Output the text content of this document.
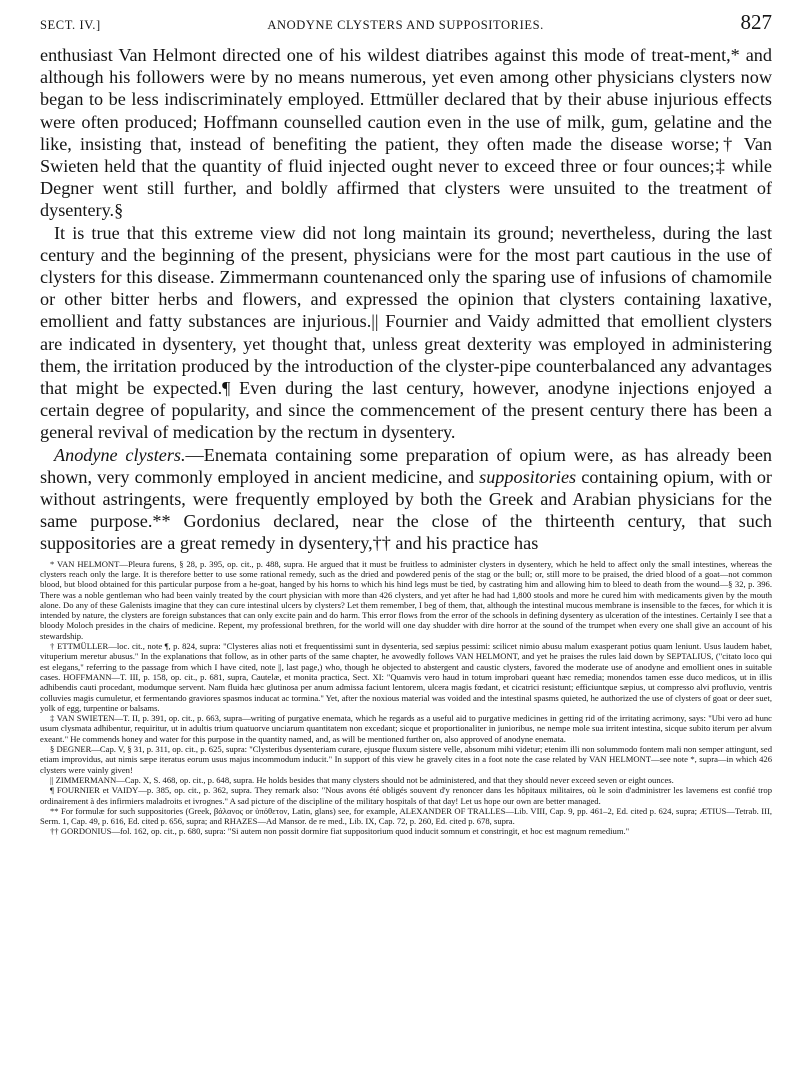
SECT. IV.]	ANODYNE CLYSTERS AND SUPPOSITORIES.	827

enthusiast Van Helmont directed one of his wildest diatribes against this mode of treat-ment,* and although his followers were by no means numerous, yet even among other physicians clysters now began to be less indiscriminately employed. Ettmüller declared that by their abuse injurious effects were often produced; Hoffmann counselled caution even in the use of milk, gum, gelatine and the like, insisting that, instead of benefiting the patient, they often made the disease worse;† Van Swieten held that the quantity of fluid injected ought never to exceed three or four ounces;‡ while Degner went still further, and boldly affirmed that clysters were unsuited to the treatment of dysentery.§

It is true that this extreme view did not long maintain its ground; nevertheless, during the last century and the beginning of the present, physicians were for the most part cautious in the use of clysters for this disease. Zimmermann countenanced only the sparing use of infusions of chamomile or other bitter herbs and flowers, and expressed the opinion that clysters containing laxative, emollient and fatty substances are injurious.|| Fournier and Vaidy admitted that emollient clysters are indicated in dysentery, yet thought that, unless great dexterity was employed in administering them, the irritation produced by the introduction of the clyster-pipe counterbalanced any advantages that might be expected.¶ Even during the last century, however, anodyne injections enjoyed a certain degree of popularity, and since the commencement of the present century there has been a general revival of medication by the rectum in dysentery.

Anodyne clysters.—Enemata containing some preparation of opium were, as has already been shown, very commonly employed in ancient medicine, and suppositories containing opium, with or without astringents, were frequently employed by both the Greek and Arabian physicians for the same purpose.** Gordonius declared, near the close of the thirteenth century, that such suppositories are a great remedy in dysentery,†† and his practice has

* VAN HELMONT—Pleura furens, § 28, p. 395, op. cit., p. 488, supra. He argued that it must be fruitless to administer clysters in dysentery, which he held to affect only the small intestines, whereas the clysters reach only the large. It is therefore better to use some rational remedy, such as the dried and powdered penis of the stag or the bull; or, still more to be praised, the dried blood of a goat—not common blood, but blood obtained for this particular purpose from a he-goat, hanged by his horns to which his hind legs must be tied, by castrating him and allowing him to bleed to death from the wound—§ 32, p. 396. There was a noble gentleman who had been vainly treated by the court physician with more than 426 clysters, and yet after he had had 1,800 stools and more he cured him with medicaments given by the mouth alone. Do any of these Galenists imagine that they can cure intestinal ulcers by clysters? Let them remember, I beg of them, that, although the intestinal mucous membrane is insensible to the fæces, for which it is intended by nature, the clysters are foreign substances that can only excite pain and do harm. This error flows from the error of the schools in defining dysentery as ulceration of the intestines. Certainly I see that a bloody Moloch presides in the chairs of medicine. Repent, my professional brethren, for the world will one day shudder with dire horror at the sound of the trumpet when every one shall give an account of his stewardship.

† ETTMÜLLER—loc. cit., note ¶, p. 824, supra: "Clysteres alias noti et frequentissimi sunt in dysenteria, sed sæpius pessimi: scilicet nimio abusu malum exasperant potius quam leniunt. Usus laudem habet, vituperium meretur abusus." In the explanations that follow, as in other parts of the same chapter, he avowedly follows VAN HELMONT, and yet he praises the rules laid down by SEPTALIUS, ("citato loco qui est elegans," referring to the passage from which I have cited, note ||, last page,) who, though he objected to abstergent and caustic clysters, favored the moderate use of anodyne and emollient ones in suitable cases. HOFFMANN—T. III, p. 158, op. cit., p. 681, supra, Cautelæ, et monita practica, Sect. XI: "Quamvis vero haud in totum improbari queant hæc remedia; monendos tamen esse duco medicos, ut in illis adhibendis cauti procedant, modumque servent. Nam fluida hæc glutinosa per anum admissa faciunt lentorem, ulcera magis fœdant, et cicatrici resistunt; efficiuntque sæpius, ut compresso alvi profluvio, ventris colluvies magis cumuletur, et fermentando graviores spasmos inducat ac tormina." Yet, after the noxious material was voided and the intestinal spasms quieted, he authorized the use of clysters of goat or deer suet, yolk of egg, turpentine or balsams.

‡ VAN SWIETEN—T. II, p. 391, op. cit., p. 663, supra—writing of purgative enemata, which he regards as a useful aid to purgative medicines in getting rid of the irritating acrimony, says: "Ubi vero ad hunc usum clysmata adhibentur, requiritur, ut in adultis trium quatuorve unciarum quantitatem non excedant; sicque et proportionaliter in junioribus, ne nempe mole sua irritent intestina, sicque subito iterum per alvum exeant." He commends honey and water for this purpose in the quantity named, and, as will be mentioned further on, also approved of anodyne enemata.

§ DEGNER—Cap. V, § 31, p. 311, op. cit., p. 625, supra: "Clysteribus dysenteriam curare, ejusque fluxum sistere velle, absonum mihi videtur; etenim illi non solummodo fontem mali non semper attingunt, sed etiam improvidus, aut nimis sæpe iteratus eorum usus majus incommodum inducit." In support of this view he gravely cites in a foot note the case related by VAN HELMONT—see note *, supra—in which 426 clysters were vainly given!

|| ZIMMERMANN—Cap. X, S. 468, op. cit., p. 648, supra. He holds besides that many clysters should not be administered, and that they should never exceed seven or eight ounces.

¶ FOURNIER et VAIDY—p. 385, op. cit., p. 362, supra. They remark also: "Nous avons été obligés souvent d'y renoncer dans les hôpitaux militaires, où le soin d'administrer les lavemens est confié trop ordinairement à des infirmiers maladroits et ivrognes." A sad picture of the discipline of the military hospitals of that day! Let us hope our own are better managed.

** For formulæ for such suppositories (Greek, βάλανος or ὑπόθετον, Latin, glans) see, for example, ALEXANDER OF TRALLES—Lib. VIII, Cap. 9, pp. 461–2, Ed. cited p. 624, supra; ÆTIUS—Tetrab. III, Serm. 1, Cap. 49, p. 616, Ed. cited p. 656, supra; and RHAZES—Ad Mansor. de re med., Lib. IX, Cap. 72, p. 260, Ed. cited p. 678, supra.

†† GORDONIUS—fol. 162, op. cit., p. 680, supra: "Si autem non possit dormire fiat suppositorium quod inducit somnum et constringit, et hoc est magnum remedium."
